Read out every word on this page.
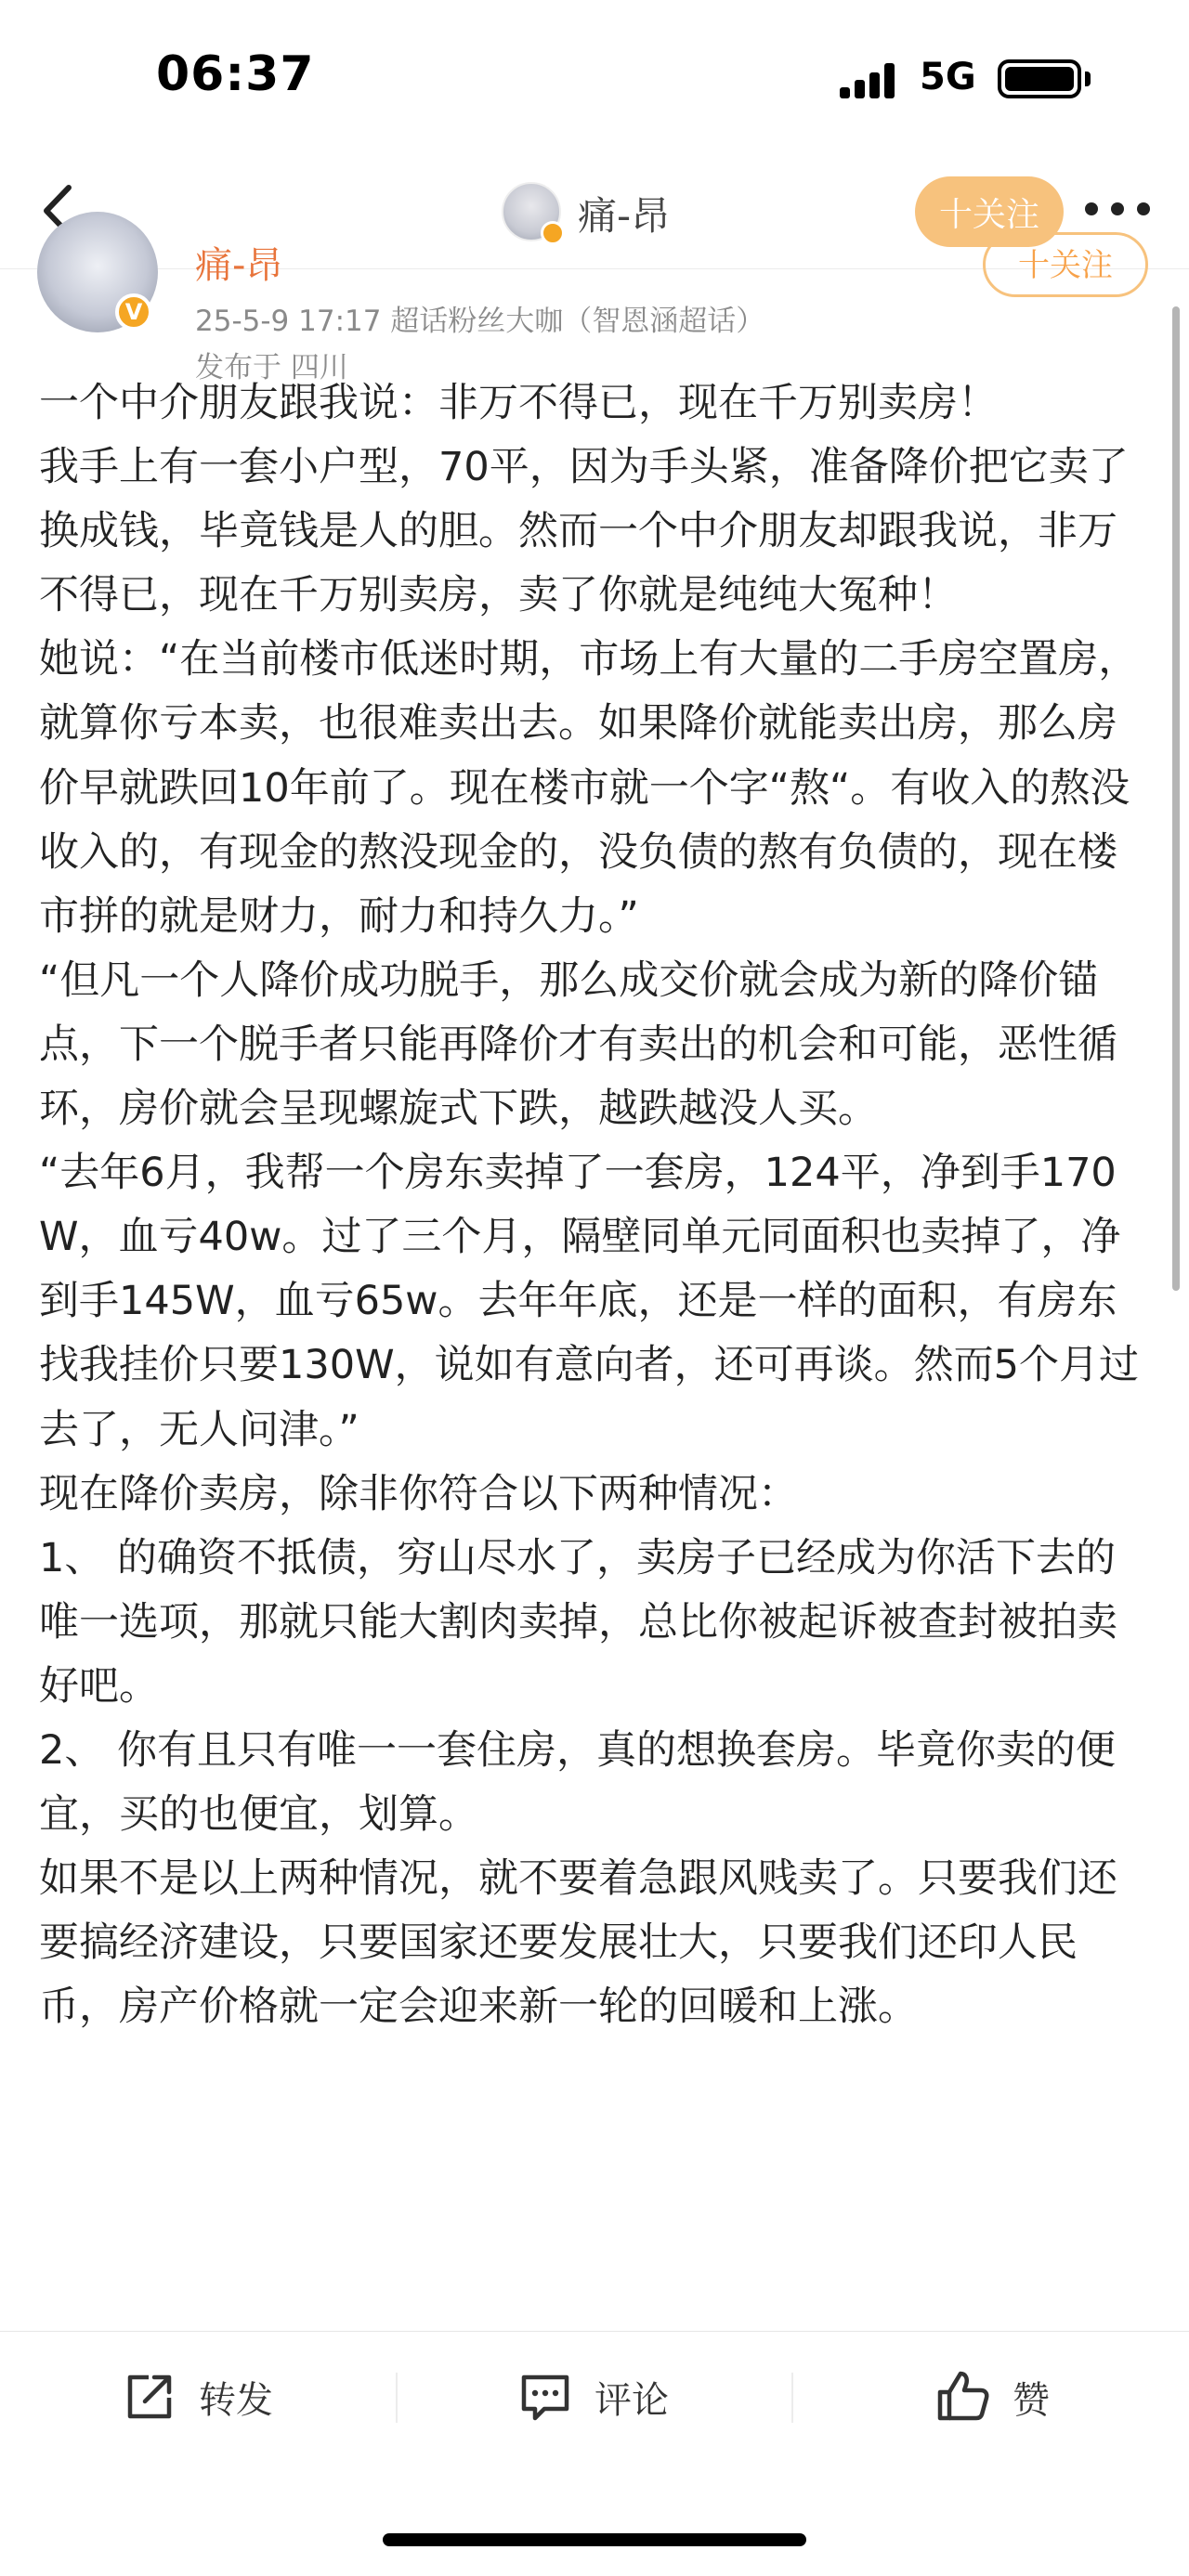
06:37	5G
痛-昂	十关注
V
痛-昂	十关注
25-5-9 17:17 超话粉丝大咖（智恩涵超话）
发布于 四川

一个中介朋友跟我说：非万不得已，现在千万别卖房！

我手上有一套小户型，70平，因为手头紧，准备降价把它卖了换成钱，毕竟钱是人的胆。然而一个中介朋友却跟我说，非万不得已，现在千万别卖房，卖了你就是纯纯大冤种！

她说：“在当前楼市低迷时期，市场上有大量的二手房空置房，就算你亏本卖，也很难卖出去。如果降价就能卖出房，那么房价早就跌回10年前了。现在楼市就一个字“熬“。有收入的熬没收入的，有现金的熬没现金的，没负债的熬有负债的，现在楼市拼的就是财力，耐力和持久力。”

“但凡一个人降价成功脱手，那么成交价就会成为新的降价锚点，下一个脱手者只能再降价才有卖出的机会和可能，恶性循环，房价就会呈现螺旋式下跌，越跌越没人买。

“去年6月，我帮一个房东卖掉了一套房，124平，净到手170W，血亏40w。过了三个月，隔壁同单元同面积也卖掉了，净到手145W，血亏65w。去年年底，还是一样的面积，有房东找我挂价只要130W，说如有意向者，还可再谈。然而5个月过去了，无人问津。”

现在降价卖房，除非你符合以下两种情况：

1、 的确资不抵债，穷山尽水了，卖房子已经成为你活下去的唯一选项，那就只能大割肉卖掉，总比你被起诉被查封被拍卖好吧。

2、 你有且只有唯一一套住房，真的想换套房。毕竟你卖的便宜，买的也便宜，划算。

如果不是以上两种情况，就不要着急跟风贱卖了。只要我们还要搞经济建设，只要国家还要发展壮大，只要我们还印人民币，房产价格就一定会迎来新一轮的回暖和上涨。

转发	评论	赞
